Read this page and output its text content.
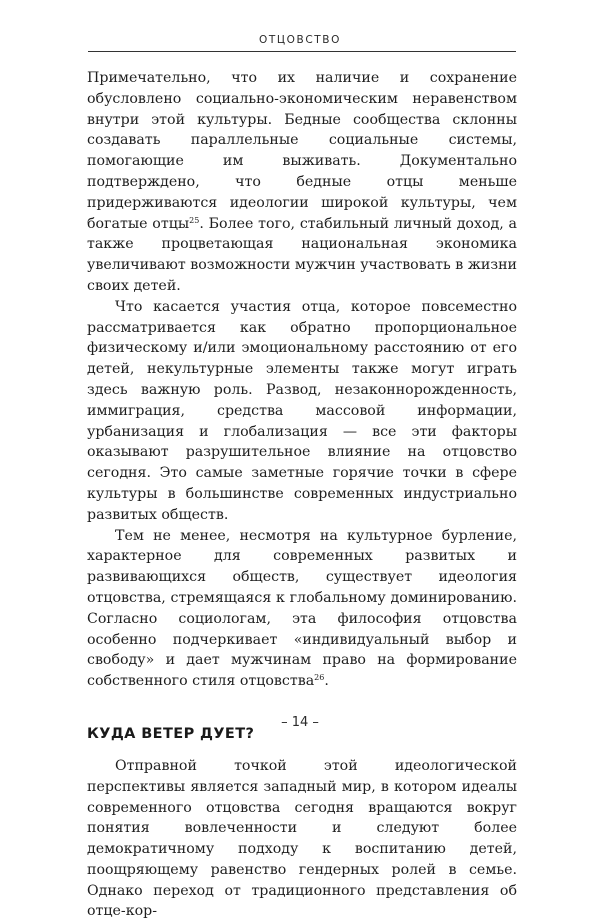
ОТЦОВСТВО

Примечательно, что их наличие и сохранение обусловлено социально-экономическим неравенством внутри этой культуры. Бедные сообщества склонны создавать параллельные социальные системы, помогающие им выживать. Документально подтверждено, что бедные отцы меньше придерживаются идеологии широкой культуры, чем богатые отцы$^{25}$. Более того, стабильный личный доход, а также процветающая национальная экономика увеличивают возможности мужчин участвовать в жизни своих детей.

Что касается участия отца, которое повсеместно рассматривается как обратно пропорциональное физическому и/или эмоциональному расстоянию от его детей, некультурные элементы также могут играть здесь важную роль. Развод, незаконнорожденность, иммиграция, средства массовой информации, урбанизация и глобализация — все эти факторы оказывают разрушительное влияние на отцовство сегодня. Это самые заметные горячие точки в сфере культуры в большинстве современных индустриально развитых обществ.

Тем не менее, несмотря на культурное бурление, характерное для современных развитых и развивающихся обществ, существует идеология отцовства, стремящаяся к глобальному доминированию. Согласно социологам, эта философия отцовства особенно подчеркивает «индивидуальный выбор и свободу» и дает мужчинам право на формирование собственного стиля отцовства$^{26}$.

КУДА ВЕТЕР ДУЕТ?

Отправной точкой этой идеологической перспективы является западный мир, в котором идеалы современного отцовства сегодня вращаются вокруг понятия вовлеченности и следуют более демократичному подходу к воспитанию детей, поощряющему равенство гендерных ролей в семье. Однако переход от традиционного представления об отце-кор-

– 14 –
